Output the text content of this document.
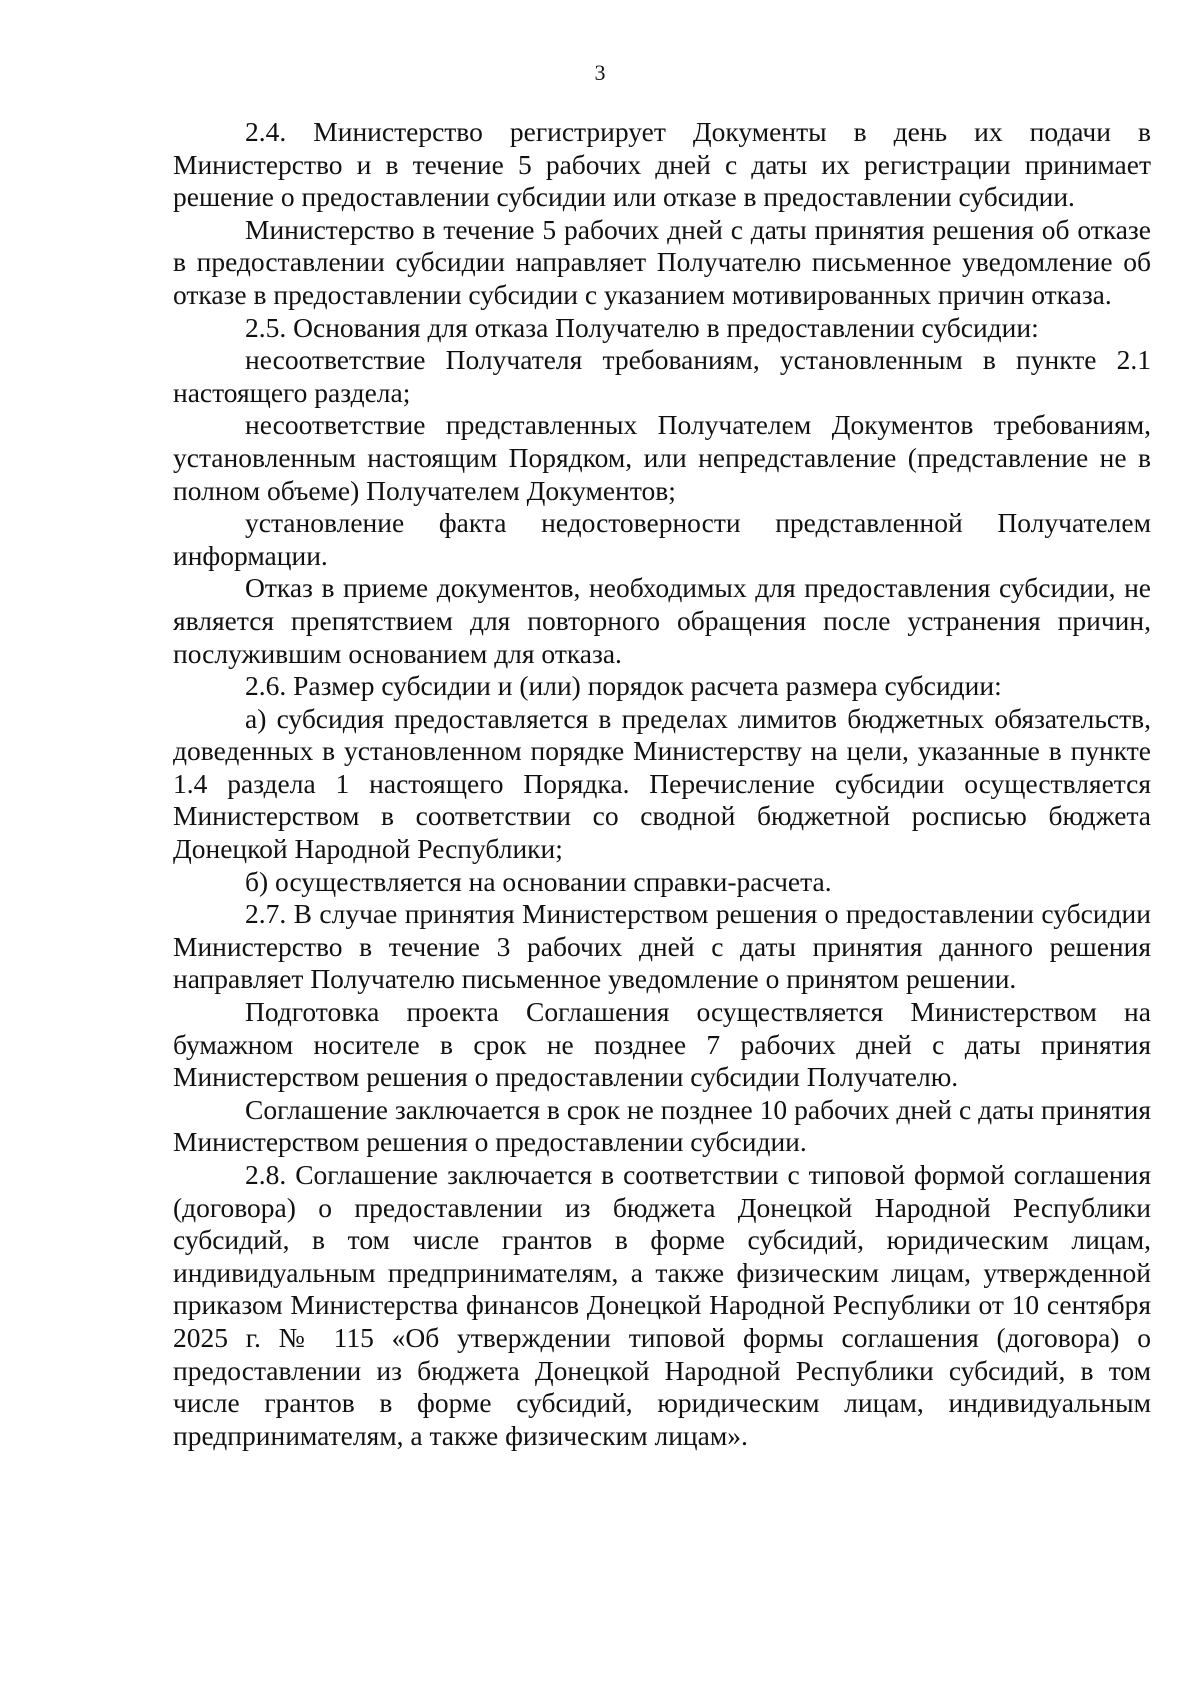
3

2.4. Министерство регистрирует Документы в день их подачи в Министерство и в течение 5 рабочих дней с даты их регистрации принимает решение о предоставлении субсидии или отказе в предоставлении субсидии.

Министерство в течение 5 рабочих дней с даты принятия решения об отказе в предоставлении субсидии направляет Получателю письменное уведомление об отказе в предоставлении субсидии с указанием мотивированных причин отказа.

2.5. Основания для отказа Получателю в предоставлении субсидии:

несоответствие Получателя требованиям, установленным в пункте 2.1 настоящего раздела;

несоответствие представленных Получателем Документов требованиям, установленным настоящим Порядком, или непредставление (представление не в полном объеме) Получателем Документов;

установление факта недостоверности представленной Получателем информации.

Отказ в приеме документов, необходимых для предоставления субсидии, не является препятствием для повторного обращения после устранения причин, послужившим основанием для отказа.

2.6. Размер субсидии и (или) порядок расчета размера субсидии:

а) субсидия предоставляется в пределах лимитов бюджетных обязательств, доведенных в установленном порядке Министерству на цели, указанные в пункте 1.4 раздела 1 настоящего Порядка. Перечисление субсидии осуществляется Министерством в соответствии со сводной бюджетной росписью бюджета Донецкой Народной Республики;

б) осуществляется на основании справки-расчета.

2.7. В случае принятия Министерством решения о предоставлении субсидии Министерство в течение 3 рабочих дней с даты принятия данного решения направляет Получателю письменное уведомление о принятом решении.

Подготовка проекта Соглашения осуществляется Министерством на бумажном носителе в срок не позднее 7 рабочих дней с даты принятия Министерством решения о предоставлении субсидии Получателю.

Соглашение заключается в срок не позднее 10 рабочих дней с даты принятия Министерством решения о предоставлении субсидии.

2.8. Соглашение заключается в соответствии с типовой формой соглашения (договора) о предоставлении из бюджета Донецкой Народной Республики субсидий, в том числе грантов в форме субсидий, юридическим лицам, индивидуальным предпринимателям, а также физическим лицам, утвержденной приказом Министерства финансов Донецкой Народной Республики от 10 сентября 2025 г. № 115 «Об утверждении типовой формы соглашения (договора) о предоставлении из бюджета Донецкой Народной Республики субсидий, в том числе грантов в форме субсидий, юридическим лицам, индивидуальным предпринимателям, а также физическим лицам».
